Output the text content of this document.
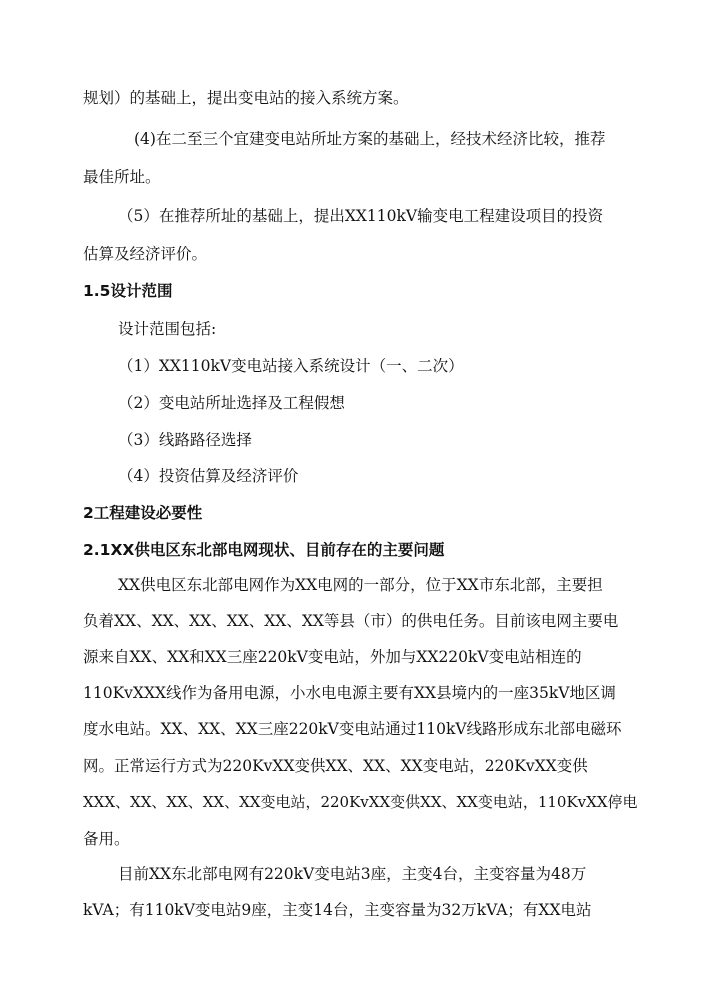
规划）的基础上，提出变电站的接入系统方案。
(4)在二至三个宜建变电站所址方案的基础上，经技术经济比较，推荐
最佳所址。
（5）在推荐所址的基础上，提出XX110kV输变电工程建设项目的投资
估算及经济评价。
1.5设计范围
设计范围包括:
（1）XX110kV变电站接入系统设计（一、二次）
（2）变电站所址选择及工程假想
（3）线路路径选择
（4）投资估算及经济评价
2工程建设必要性
2.1XX供电区东北部电网现状、目前存在的主要问题
XX供电区东北部电网作为XX电网的一部分，位于XX市东北部，主要担
负着XX、XX、XX、XX、XX、XX等县（市）的供电任务。目前该电网主要电
源来自XX、XX和XX三座220kV变电站，外加与XX220kV变电站相连的
110KvXXX线作为备用电源，小水电电源主要有XX县境内的一座35kV地区调
度水电站。XX、XX、XX三座220kV变电站通过110kV线路形成东北部电磁环
网。正常运行方式为220KvXX变供XX、XX、XX变电站，220KvXX变供
XXX、XX、XX、XX、XX变电站，220KvXX变供XX、XX变电站，110KvXX停电
备用。
目前XX东北部电网有220kV变电站3座，主变4台，主变容量为48万
kVA；有110kV变电站9座，主变14台，主变容量为32万kVA；有XX电站
